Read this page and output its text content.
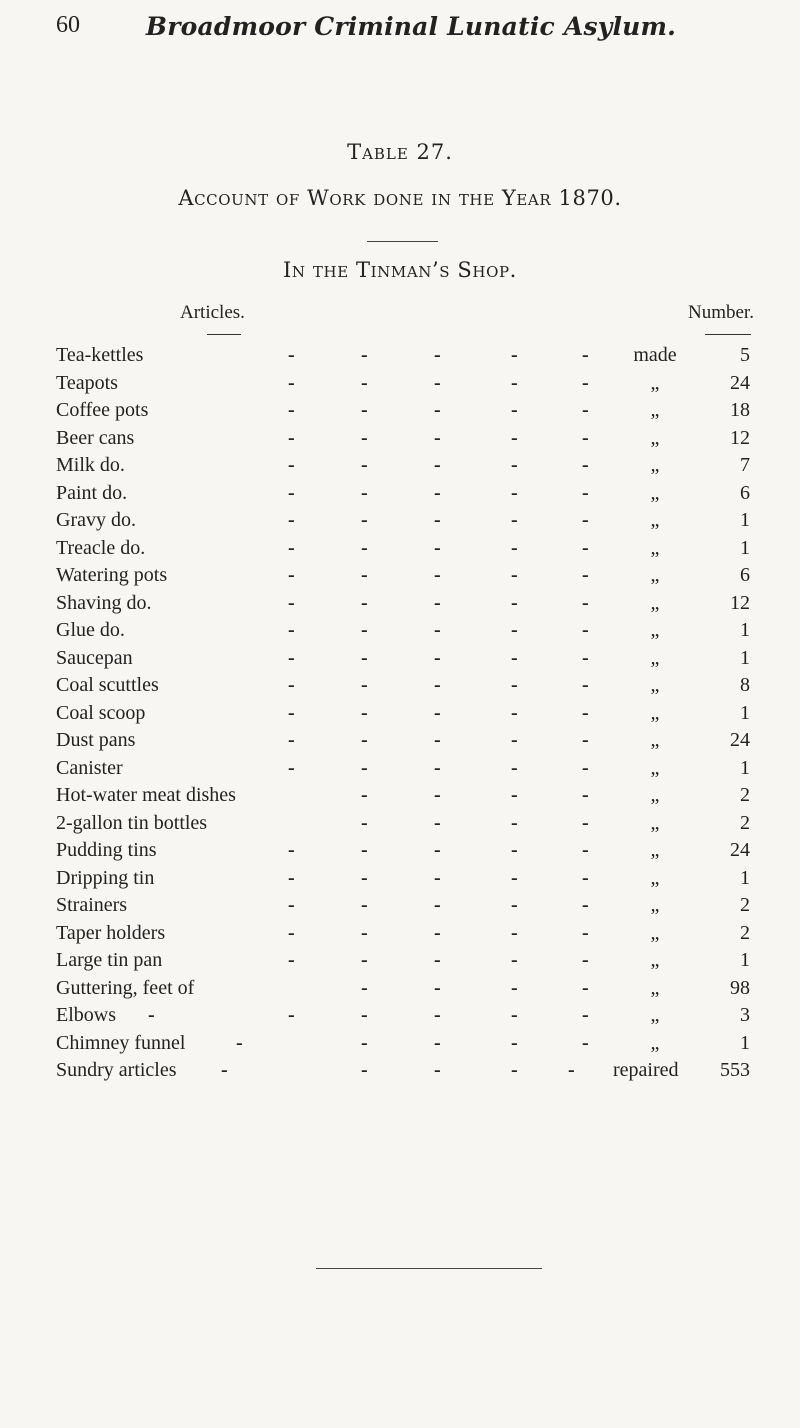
60	Broadmoor Criminal Lunatic Asylum.
Table 27.
Account of Work done in the Year 1870.
In the Tinman’s Shop.
Articles.	Number.
Tea-kettles	-	-	-	-	-	made	5
Teapots	-	-	-	-	-	„	24
Coffee pots	-	-	-	-	-	„	18
Beer cans	-	-	-	-	-	„	12
Milk do.	-	-	-	-	-	„	7
Paint do.	-	-	-	-	-	„	6
Gravy do.	-	-	-	-	-	„	1
Treacle do.	-	-	-	-	-	„	1
Watering pots	-	-	-	-	-	„	6
Shaving do.	-	-	-	-	-	„	12
Glue do.	-	-	-	-	-	„	1
Saucepan	-	-	-	-	-	„	1
Coal scuttles	-	-	-	-	-	„	8
Coal scoop	-	-	-	-	-	„	1
Dust pans	-	-	-	-	-	„	24
Canister	-	-	-	-	-	„	1
Hot-water meat dishes	-	-	-	-	„	2
2-gallon tin bottles	-	-	-	-	„	2
Pudding tins	-	-	-	-	-	„	24
Dripping tin	-	-	-	-	-	„	1
Strainers	-	-	-	-	-	„	2
Taper holders	-	-	-	-	-	„	2
Large tin pan	-	-	-	-	-	„	1
Guttering, feet of	-	-	-	-	„	98
Elbows -	-	-	-	-	-	„	3
Chimney funnel	-	-	-	-	-	„	1
Sundry articles -	-	-	-	- repaired 553
